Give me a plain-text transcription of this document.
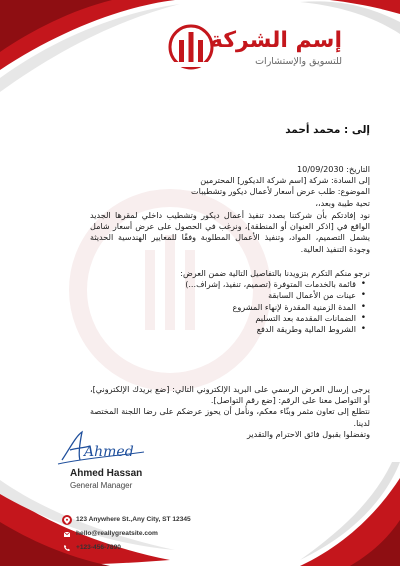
إسم الشركة
للتسويق والإستشارات
إلى : محمد أحمد

التاريخ: 10/09/2030

إلى السادة: شركة [اسم شركة الديكور] المحترمين

الموضوع: طلب عرض أسعار لأعمال ديكور وتشطيبات

تحية طيبة وبعد،،

نود إفادتكم بأن شركتنا بصدد تنفيذ أعمال ديكور وتشطيب داخلي لمقرها الجديد الواقع في [اذكر العنوان أو المنطقة]، ونرغب في الحصول على عرض أسعار شامل يشمل التصميم، المواد، وتنفيذ الأعمال المطلوبة وفقًا للمعايير الهندسية الحديثة وجودة التنفيذ العالية.

نرجو منكم التكرم بتزويدنا بالتفاصيل التالية ضمن العرض:

• قائمة بالخدمات المتوفرة (تصميم، تنفيذ، إشراف...)
• عينات من الأعمال السابقة
• المدة الزمنية المقدرة لإنهاء المشروع
• الضمانات المقدمة بعد التسليم
• الشروط المالية وطريقة الدفع

يرجى إرسال العرض الرسمي على البريد الإلكتروني التالي: [ضع بريدك الإلكتروني]، أو التواصل معنا على الرقم: [ضع رقم التواصل].

نتطلع إلى تعاون مثمر وبنّاء معكم، ونأمل أن يحوز عرضكم على رضا اللجنة المختصة لدينا.

وتفضلوا بقبول فائق الاحترام والتقدير

Ahmed
Ahmed Hassan
General Manager
123 Anywhere St.,Any City, ST 12345
hello@reallygreatsite.com
+123-456-7890
